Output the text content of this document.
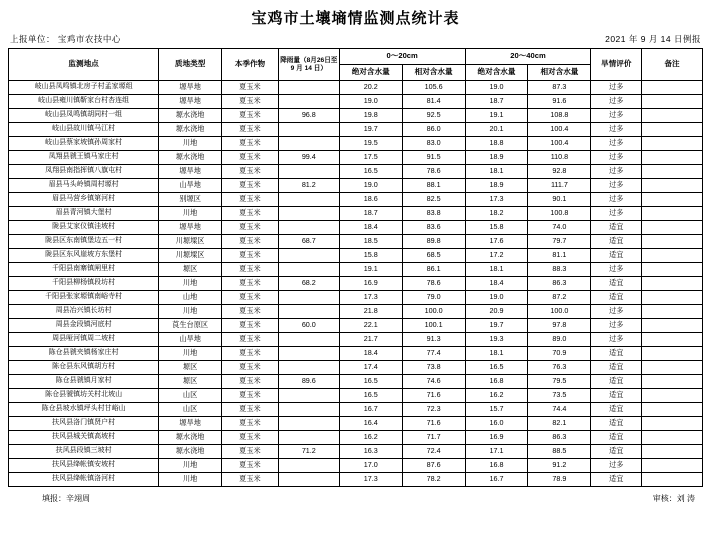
宝鸡市土壤墒情监测点统计表
上报单位： 宝鸡市农技中心	2021 年 9 月 14 日例报
监测地点	质地类型	本季作物	降雨量（8月26日至 9 月 14 日）	0～20cm		20～40cm		旱情评价	备注
				绝对含水量	相对含水量	绝对含水量	相对含水量		
岐山县凤鸣镇北房子村孟家塬组	塬旱地	夏玉米		20.2	105.6	19.0	87.3	过多	
岐山县雍川镇靳家台村杏连组	塬旱地	夏玉米		19.0	81.4	18.7	91.6	过多	
岐山县凤鸣镇胡同村一组	塬水浇地	夏玉米	96.8	19.8	92.5	19.1	108.8	过多	
岐山县故川镇马江村	塬水浇地	夏玉米		19.7	86.0	20.1	100.4	过多	
岐山县蔡家坡镇孙周家村	川地	夏玉米		19.5	83.0	18.8	100.4	过多	
凤翔县虢王镇马家庄村	塬水浇地	夏玉米	99.4	17.5	91.5	18.9	110.8	过多	
凤翔县南指挥镇八旗屯村	塬旱地	夏玉米		16.5	78.6	18.1	92.8	过多	
眉县马头岭镇周村塬村	山旱地	夏玉米	81.2	19.0	88.1	18.9	111.7	过多	
眉县马营乡镇第河村	别塬区	夏玉米		18.6	82.5	17.3	90.1	过多	
眉县青河镇大堡村	川地	夏玉米		18.7	83.8	18.2	100.8	过多	
陇县艾家仪镇洼坡村	塬旱地	夏玉米		18.4	83.6	15.8	74.0	适宜	
陇县区东南镇堡边五一村	川塬墚区	夏玉米	68.7	18.5	89.8	17.6	79.7	适宜	
陇县区东风崖坡方东堡村	川塬墚区	夏玉米		15.8	68.5	17.2	81.1	适宜	
千阳县南寨镇闸里村	塬区	夏玉米		19.1	86.1	18.1	88.3	过多	
千阳县柳杨镇段坊村	川地	夏玉米	68.2	16.9	78.6	18.4	86.3	适宜	
千阳县张家塬镇南峪寺村	山地	夏玉米		17.3	79.0	19.0	87.2	适宜	
周县冶兴镇长坊村	川地	夏玉米		21.8	100.0	20.9	100.0	过多	
周县金段镇河底村	莨生台原区	夏玉米	60.0	22.1	100.1	19.7	97.8	过多	
周县哑河镇周二坡村	山旱地	夏玉米		21.7	91.3	19.3	89.0	过多	
陈仓县虢夹镇杨家庄村	川地	夏玉米		18.4	77.4	18.1	70.9	适宜	
陈仓县东风镇胡方村	塬区	夏玉米		17.4	73.8	16.5	76.3	适宜	
陈仓县虢镇月家村	塬区	夏玉米	89.6	16.5	74.6	16.8	79.5	适宜	
陈仓县虢镇坊关村北坡山	山区	夏玉米		16.5	71.6	16.2	73.5	适宜	
陈仓县坡水镇坪头村甘峪山	山区	夏玉米		16.7	72.3	15.7	74.4	适宜	
扶风县洛门镇贤户村	塬旱地	夏玉米		16.4	71.6	16.0	82.1	适宜	
扶风县城关镇高坡村	塬水浇地	夏玉米		16.2	71.7	16.9	86.3	适宜	
扶风县段镇三坡村	塬水浇地	夏玉米	71.2	16.3	72.4	17.1	88.5	适宜	
扶风县绛帐镇安坡村	川地	夏玉米		17.0	87.6	16.8	91.2	过多	
扶风县绛帐镇洛河村	川地	夏玉米		17.3	78.2	16.7	78.9	适宜	
填报：辛翊周	审核：刘 涛
